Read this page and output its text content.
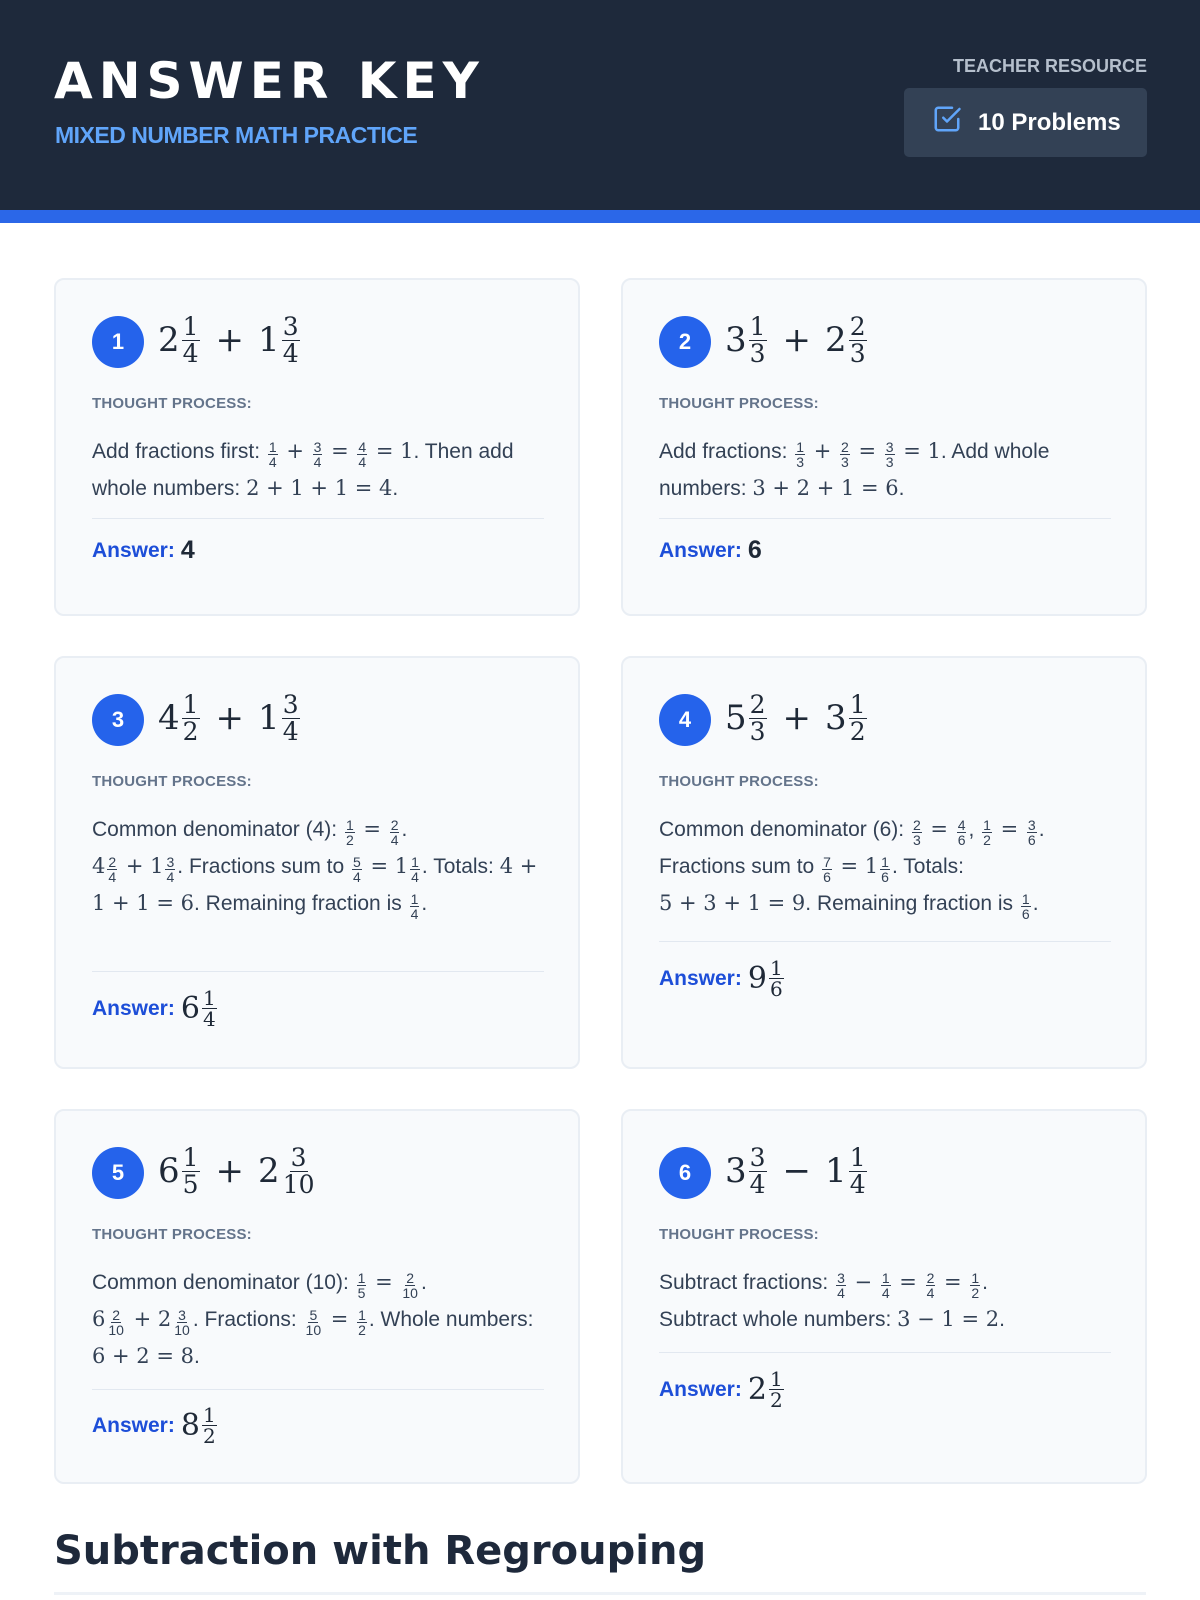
ANSWER KEY
MIXED NUMBER MATH PRACTICE
TEACHER RESOURCE
10 Problems
1 $2 \frac{1}{4} + 1 \frac{3}{4}$
THOUGHT PROCESS:
Add fractions first: $\frac{1}{4} + \frac{3}{4} = \frac{4}{4} = 1$. Then add whole numbers: 2 + 1 + 1 = 4.
Answer: 4
2 $3 \frac{1}{3} + 2 \frac{2}{3}$
THOUGHT PROCESS:
Add fractions: $\frac{1}{3} + \frac{2}{3} = \frac{3}{3} = 1$. Add whole numbers: 3 + 2 + 1 = 6.
Answer: 6
3 $4 \frac{1}{2} + 1 \frac{3}{4}$
THOUGHT PROCESS:
Common denominator (4): $\frac{1}{2} = \frac{2}{4}$ .
$4 \frac{2}{4} + 1 \frac{3}{4}$ . Fractions sum to $\frac{5}{4} = 1 \frac{1}{4}$ . Totals: 4 + 1 + 1 = 6. Remaining fraction is $\frac{1}{4}$ .
Answer: $6 \frac{1}{4}$
4 $5 \frac{2}{3} + 3 \frac{1}{2}$
THOUGHT PROCESS:
Common denominator (6): $\frac{2}{3} = \frac{4}{6}$ , $\frac{1}{2} = \frac{3}{6}$ .
Fractions sum to $\frac{7}{6} = 1 \frac{1}{6}$ . Totals:
5 + 3 + 1 = 9. Remaining fraction is $\frac{1}{6}$ .
Answer: $9 \frac{1}{6}$
5 $6 \frac{1}{5} + 2 \frac{3}{10}$
THOUGHT PROCESS:
Common denominator (10): $\frac{1}{5} = \frac{2}{10}$ .
$6 \frac{2}{10} + 2 \frac{3}{10}$ . Fractions: $\frac{5}{10} = \frac{1}{2}$ . Whole numbers: 6 + 2 = 8.
Answer: $8 \frac{1}{2}$
6 $3 \frac{3}{4} - 1 \frac{1}{4}$
THOUGHT PROCESS:
Subtract fractions: $\frac{3}{4} - \frac{1}{4} = \frac{2}{4} = \frac{1}{2}$ .
Subtract whole numbers: 3 − 1 = 2.
Answer: $2 \frac{1}{2}$
Subtraction with Regrouping
